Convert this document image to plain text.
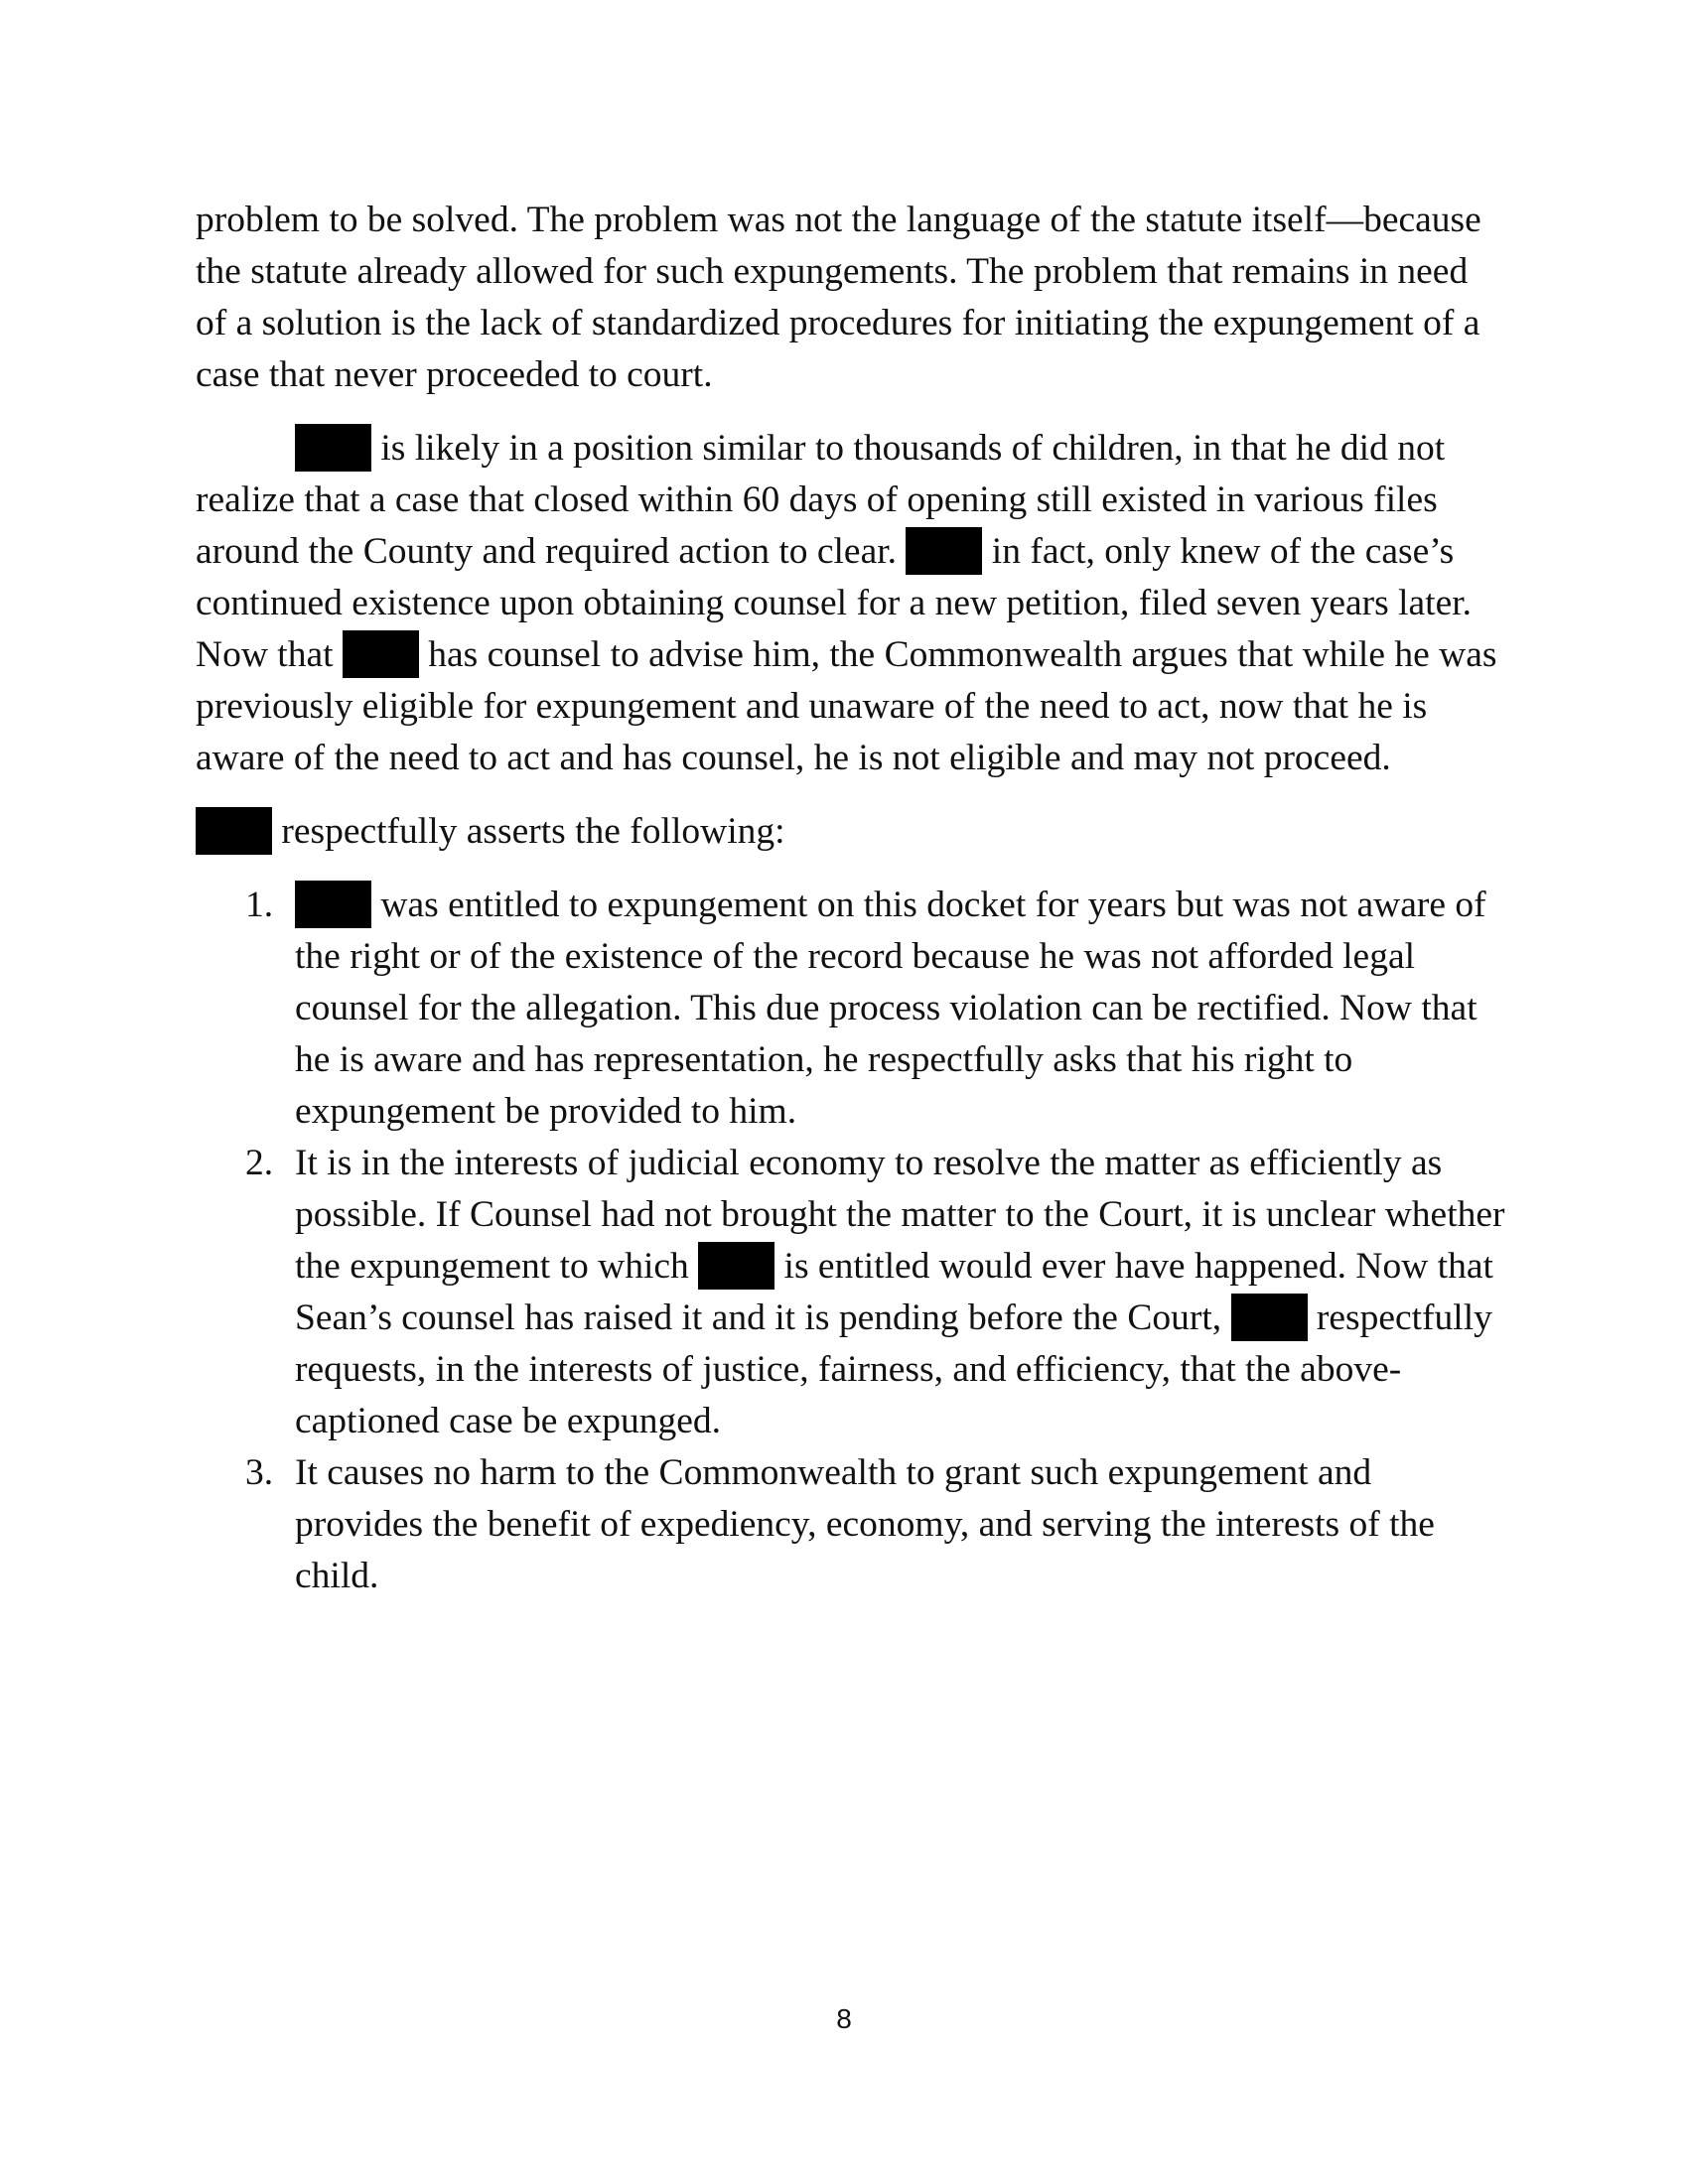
problem to be solved. The problem was not the language of the statute itself—because the statute already allowed for such expungements. The problem that remains in need of a solution is the lack of standardized procedures for initiating the expungement of a case that never proceeded to court.

is likely in a position similar to thousands of children, in that he did not realize that a case that closed within 60 days of opening still existed in various files around the County and required action to clear.  in fact, only knew of the case’s continued existence upon obtaining counsel for a new petition, filed seven years later. Now that  has counsel to advise him, the Commonwealth argues that while he was previously eligible for expungement and unaware of the need to act, now that he is aware of the need to act and has counsel, he is not eligible and may not proceed.

respectfully asserts the following:

1.	was entitled to expungement on this docket for years but was not aware of the right or of the existence of the record because he was not afforded legal counsel for the allegation. This due process violation can be rectified. Now that he is aware and has representation, he respectfully asks that his right to expungement be provided to him.
2. It is in the interests of judicial economy to resolve the matter as efficiently as possible. If Counsel had not brought the matter to the Court, it is unclear whether the expungement to which  is entitled would ever have happened. Now that Sean’s counsel has raised it and it is pending before the Court,  respectfully requests, in the interests of justice, fairness, and efficiency, that the above-captioned case be expunged.
3. It causes no harm to the Commonwealth to grant such expungement and provides the benefit of expediency, economy, and serving the interests of the child.
8
